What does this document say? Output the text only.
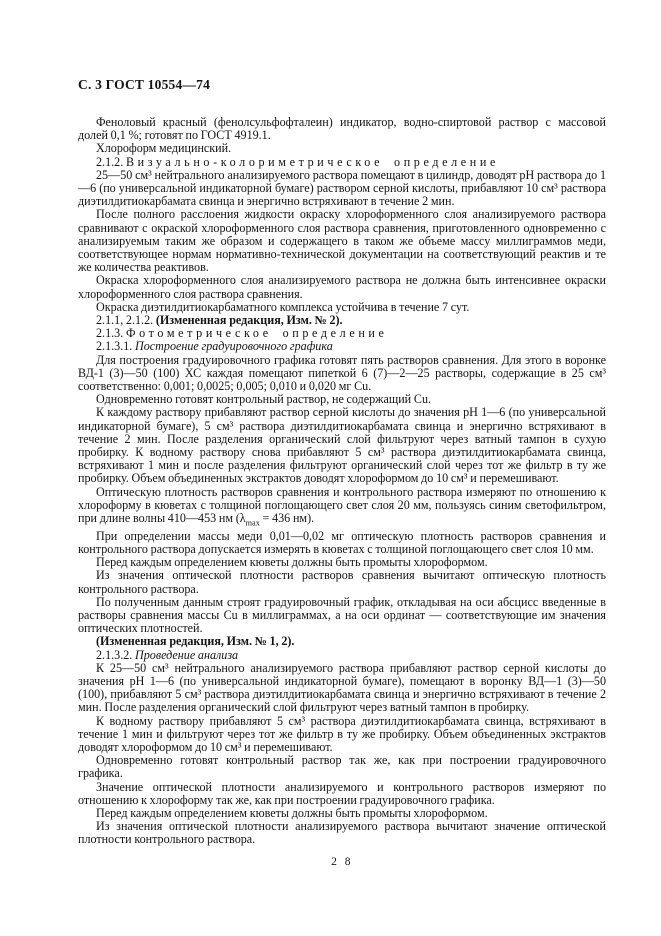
С. 3 ГОСТ 10554—74

Феноловый красный (фенолсульфофталеин) индикатор, водно-спиртовой раствор с массовой долей 0,1 %; готовят по ГОСТ 4919.1.

Хлороформ медицинский.

2.1.2. Визуально-колориметрическое определение

25—50 см³ нейтрального анализируемого раствора помещают в цилиндр, доводят pH раствора до 1—6 (по универсальной индикаторной бумаге) раствором серной кислоты, прибавляют 10 см³ раствора диэтилдитиокарбамата свинца и энергично встряхивают в течение 2 мин.

После полного расслоения жидкости окраску хлороформенного слоя анализируемого раствора сравнивают с окраской хлороформенного слоя раствора сравнения, приготовленного одновременно с анализируемым таким же образом и содержащего в таком же объеме массу миллиграммов меди, соответствующее нормам нормативно-технической документации на соответствующий реактив и те же количества реактивов.

Окраска хлороформенного слоя анализируемого раствора не должна быть интенсивнее окраски хлороформенного слоя раствора сравнения.

Окраска диэтилдитиокарбаматного комплекса устойчива в течение 7 сут.

2.1.1, 2.1.2. (Измененная редакция, Изм. № 2).

2.1.3. Фотометрическое определение

2.1.3.1. Построение градуировочного графика

Для построения градуировочного графика готовят пять растворов сравнения. Для этого в воронке ВД-1 (3)—50 (100) ХС каждая помещают пипеткой 6 (7)—2—25 растворы, содержащие в 25 см³ соответственно: 0,001; 0,0025; 0,005; 0,010 и 0,020 мг Cu.

Одновременно готовят контрольный раствор, не содержащий Cu.

К каждому раствору прибавляют раствор серной кислоты до значения pH 1—6 (по универсальной индикаторной бумаге), 5 см³ раствора диэтилдитиокарбамата свинца и энергично встряхивают в течение 2 мин. После разделения органический слой фильтруют через ватный тампон в сухую пробирку. К водному раствору снова прибавляют 5 см³ раствора диэтилдитиокарбамата свинца, встряхивают 1 мин и после разделения фильтруют органический слой через тот же фильтр в ту же пробирку. Объем объединенных экстрактов доводят хлороформом до 10 см³ и перемешивают.

Оптическую плотность растворов сравнения и контрольного раствора измеряют по отношению к хлороформу в кюветах с толщиной поглощающего свет слоя 20 мм, пользуясь синим светофильтром, при длине волны 410—453 нм ($\lambda_{max} = 436$ нм).

При определении массы меди 0,01—0,02 мг оптическую плотность растворов сравнения и контрольного раствора допускается измерять в кюветах с толщиной поглощающего свет слоя 10 мм.

Перед каждым определением кюветы должны быть промыты хлороформом.

Из значения оптической плотности растворов сравнения вычитают оптическую плотность контрольного раствора.

По полученным данным строят градуировочный график, откладывая на оси абсцисс введенные в растворы сравнения массы Cu в миллиграммах, а на оси ординат — соответствующие им значения оптических плотностей.

(Измененная редакция, Изм. № 1, 2).

2.1.3.2. Проведение анализа

К 25—50 см³ нейтрального анализируемого раствора прибавляют раствор серной кислоты до значения pH 1—6 (по универсальной индикаторной бумаге), помещают в воронку ВД—1 (3)—50 (100), прибавляют 5 см³ раствора диэтилдитиокарбамата свинца и энергично встряхивают в течение 2 мин. После разделения органический слой фильтруют через ватный тампон в пробирку.

К водному раствору прибавляют 5 см³ раствора диэтилдитиокарбамата свинца, встряхивают в течение 1 мин и фильтруют через тот же фильтр в ту же пробирку. Объем объединенных экстрактов доводят хлороформом до 10 см³ и перемешивают.

Одновременно готовят контрольный раствор так же, как при построении градуировочного графика.

Значение оптической плотности анализируемого и контрольного растворов измеряют по отношению к хлороформу так же, как при построении градуировочного графика.

Перед каждым определением кюветы должны быть промыты хлороформом.

Из значения оптической плотности анализируемого раствора вычитают значение оптической плотности контрольного раствора.

2 8
